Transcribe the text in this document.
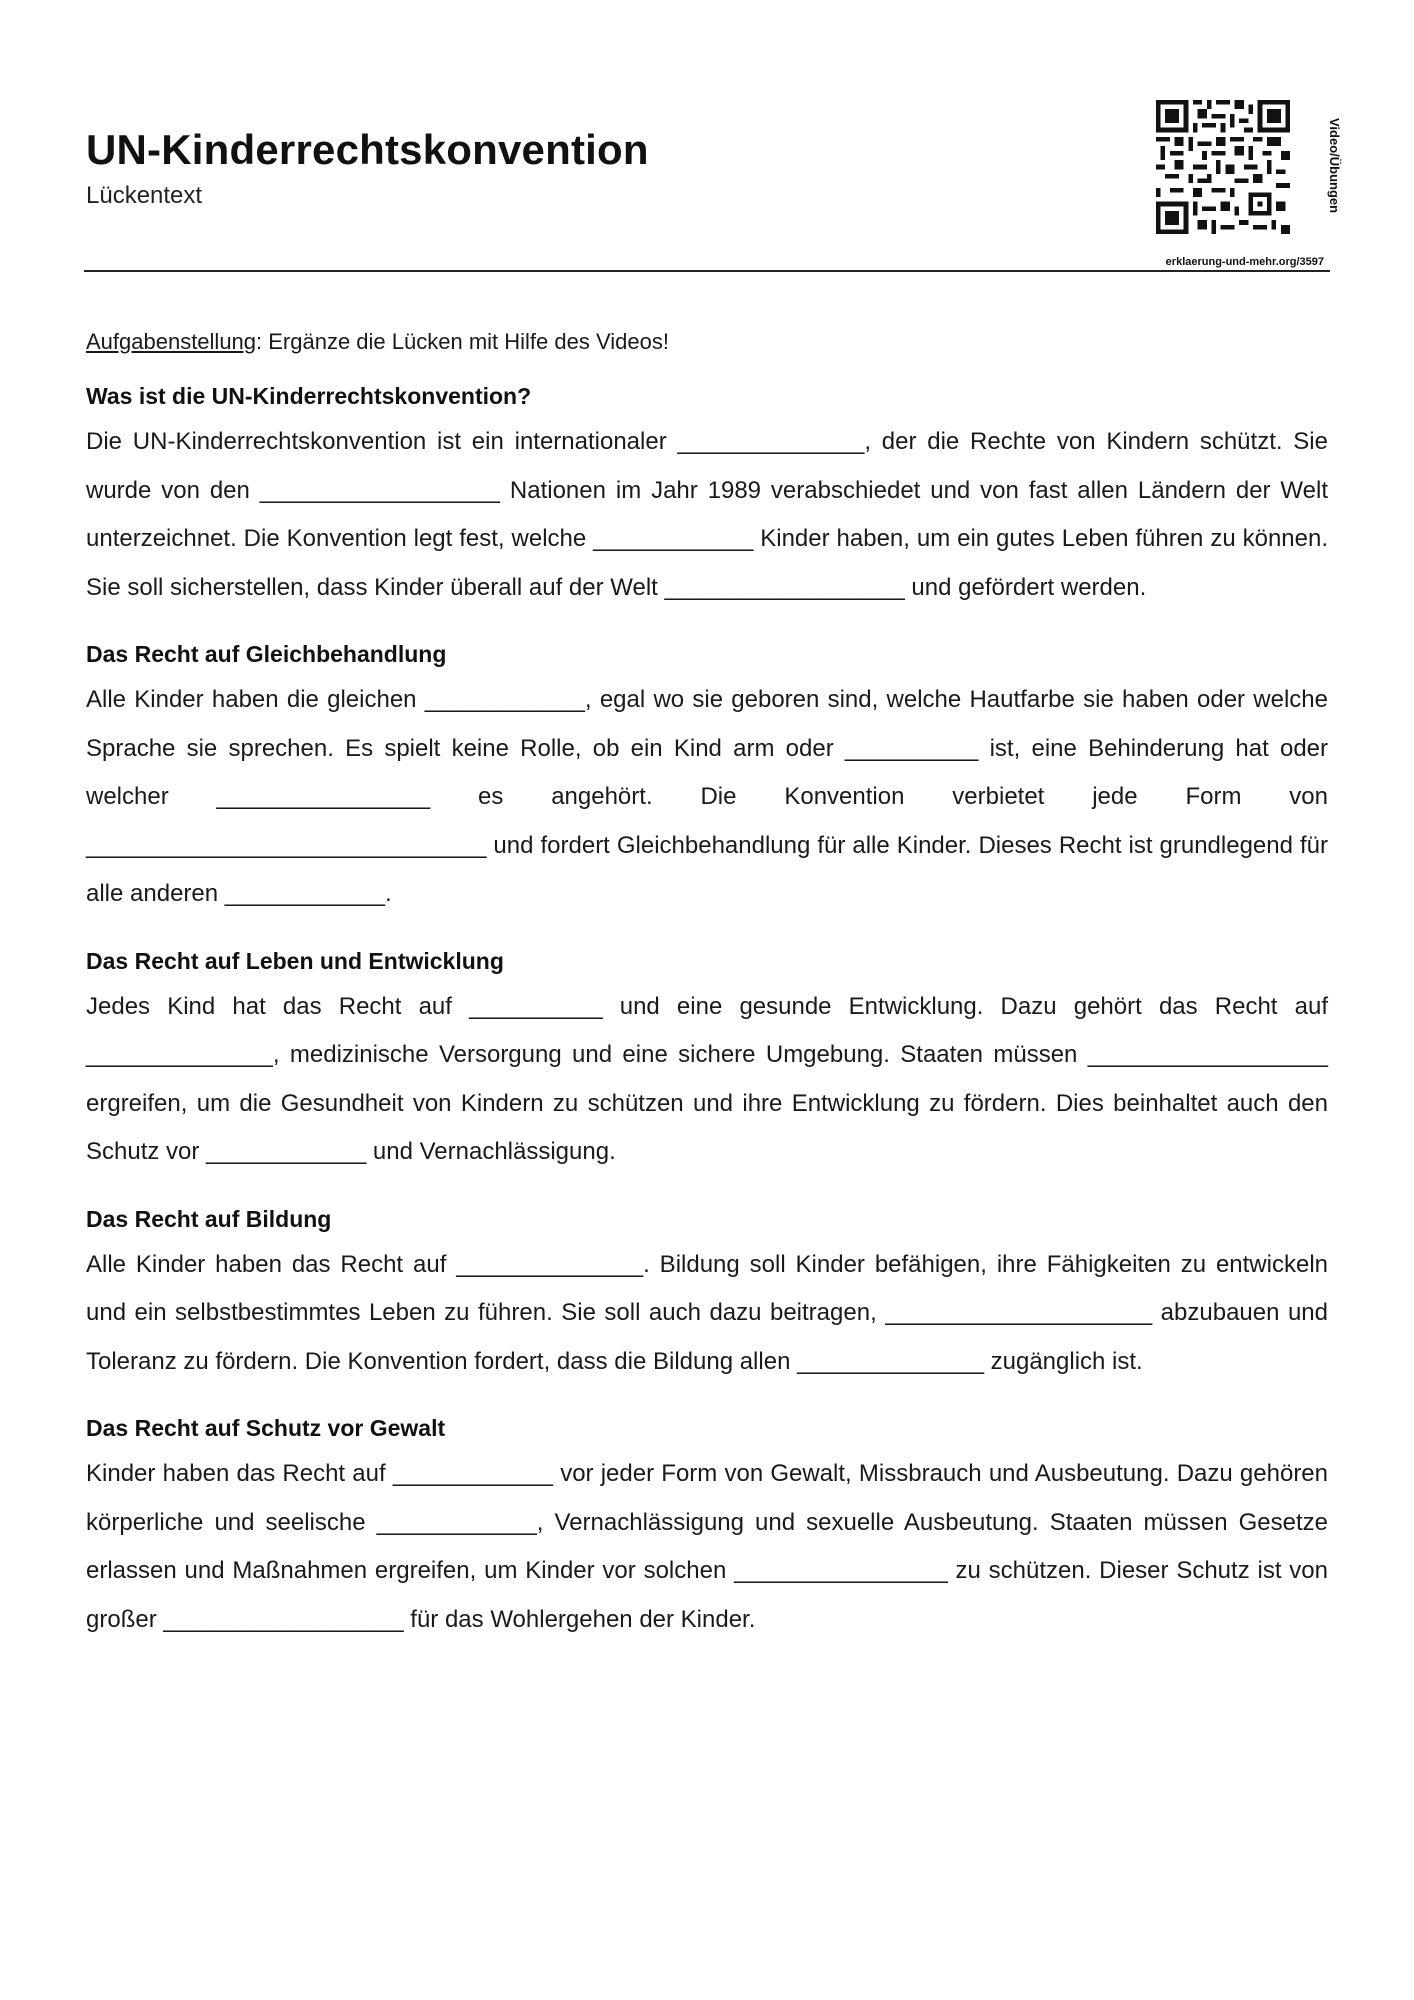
UN-Kinderrechtskonvention
Lückentext	Video/Übungen
erklaerung-und-mehr.org/3597

Aufgabenstellung: Ergänze die Lücken mit Hilfe des Videos!

Was ist die UN-Kinderrechtskonvention?

Die UN-Kinderrechtskonvention ist ein internationaler ______________, der die Rechte von Kindern schützt. Sie wurde von den __________________ Nationen im Jahr 1989 verabschiedet und von fast allen Ländern der Welt unterzeichnet. Die Konvention legt fest, welche ____________ Kinder haben, um ein gutes Leben führen zu können. Sie soll sicherstellen, dass Kinder überall auf der Welt __________________ und gefördert werden.

Das Recht auf Gleichbehandlung

Alle Kinder haben die gleichen ____________, egal wo sie geboren sind, welche Hautfarbe sie haben oder welche Sprache sie sprechen. Es spielt keine Rolle, ob ein Kind arm oder __________ ist, eine Behinderung hat oder welcher ________________ es angehört. Die Konvention verbietet jede Form von ______________________________ und fordert Gleichbehandlung für alle Kinder. Dieses Recht ist grundlegend für alle anderen ____________.

Das Recht auf Leben und Entwicklung

Jedes Kind hat das Recht auf __________ und eine gesunde Entwicklung. Dazu gehört das Recht auf ______________, medizinische Versorgung und eine sichere Umgebung. Staaten müssen __________________ ergreifen, um die Gesundheit von Kindern zu schützen und ihre Entwicklung zu fördern. Dies beinhaltet auch den Schutz vor ____________ und Vernachlässigung.

Das Recht auf Bildung

Alle Kinder haben das Recht auf ______________. Bildung soll Kinder befähigen, ihre Fähigkeiten zu entwickeln und ein selbstbestimmtes Leben zu führen. Sie soll auch dazu beitragen, ____________________ abzubauen und Toleranz zu fördern. Die Konvention fordert, dass die Bildung allen ______________ zugänglich ist.

Das Recht auf Schutz vor Gewalt

Kinder haben das Recht auf ____________ vor jeder Form von Gewalt, Missbrauch und Ausbeutung. Dazu gehören körperliche und seelische ____________, Vernachlässigung und sexuelle Ausbeutung. Staaten müssen Gesetze erlassen und Maßnahmen ergreifen, um Kinder vor solchen ________________ zu schützen. Dieser Schutz ist von großer __________________ für das Wohlergehen der Kinder.
